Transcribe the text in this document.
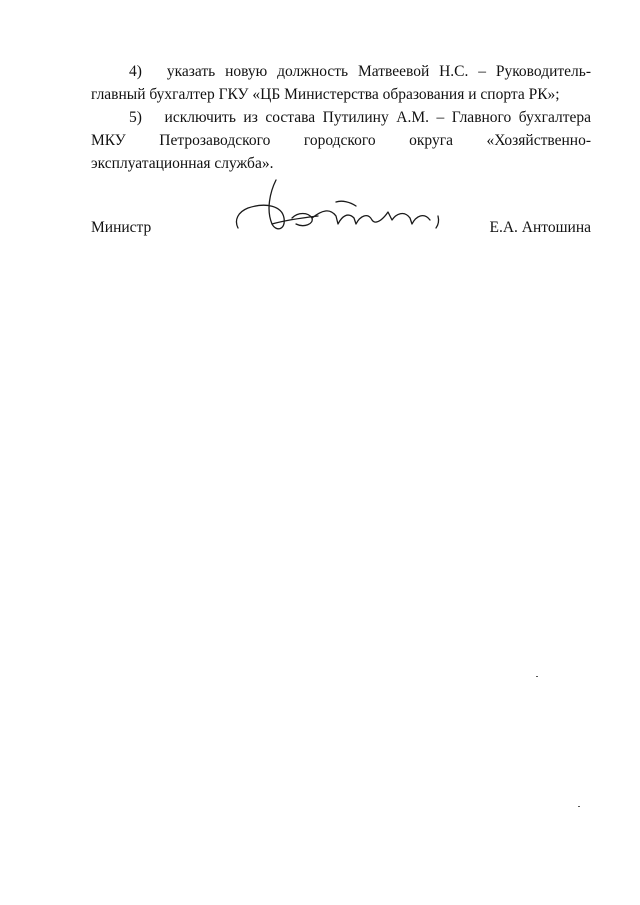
4) указать новую должность Матвеевой Н.С. – Руководитель-главный бухгалтер ГКУ «ЦБ Министерства образования и спорта РК»;
5) исключить из состава Путилину А.М. – Главного бухгалтера МКУ Петрозаводского городского округа «Хозяйственно-эксплуатационная служба».
Министр	Е.А. Антошина
